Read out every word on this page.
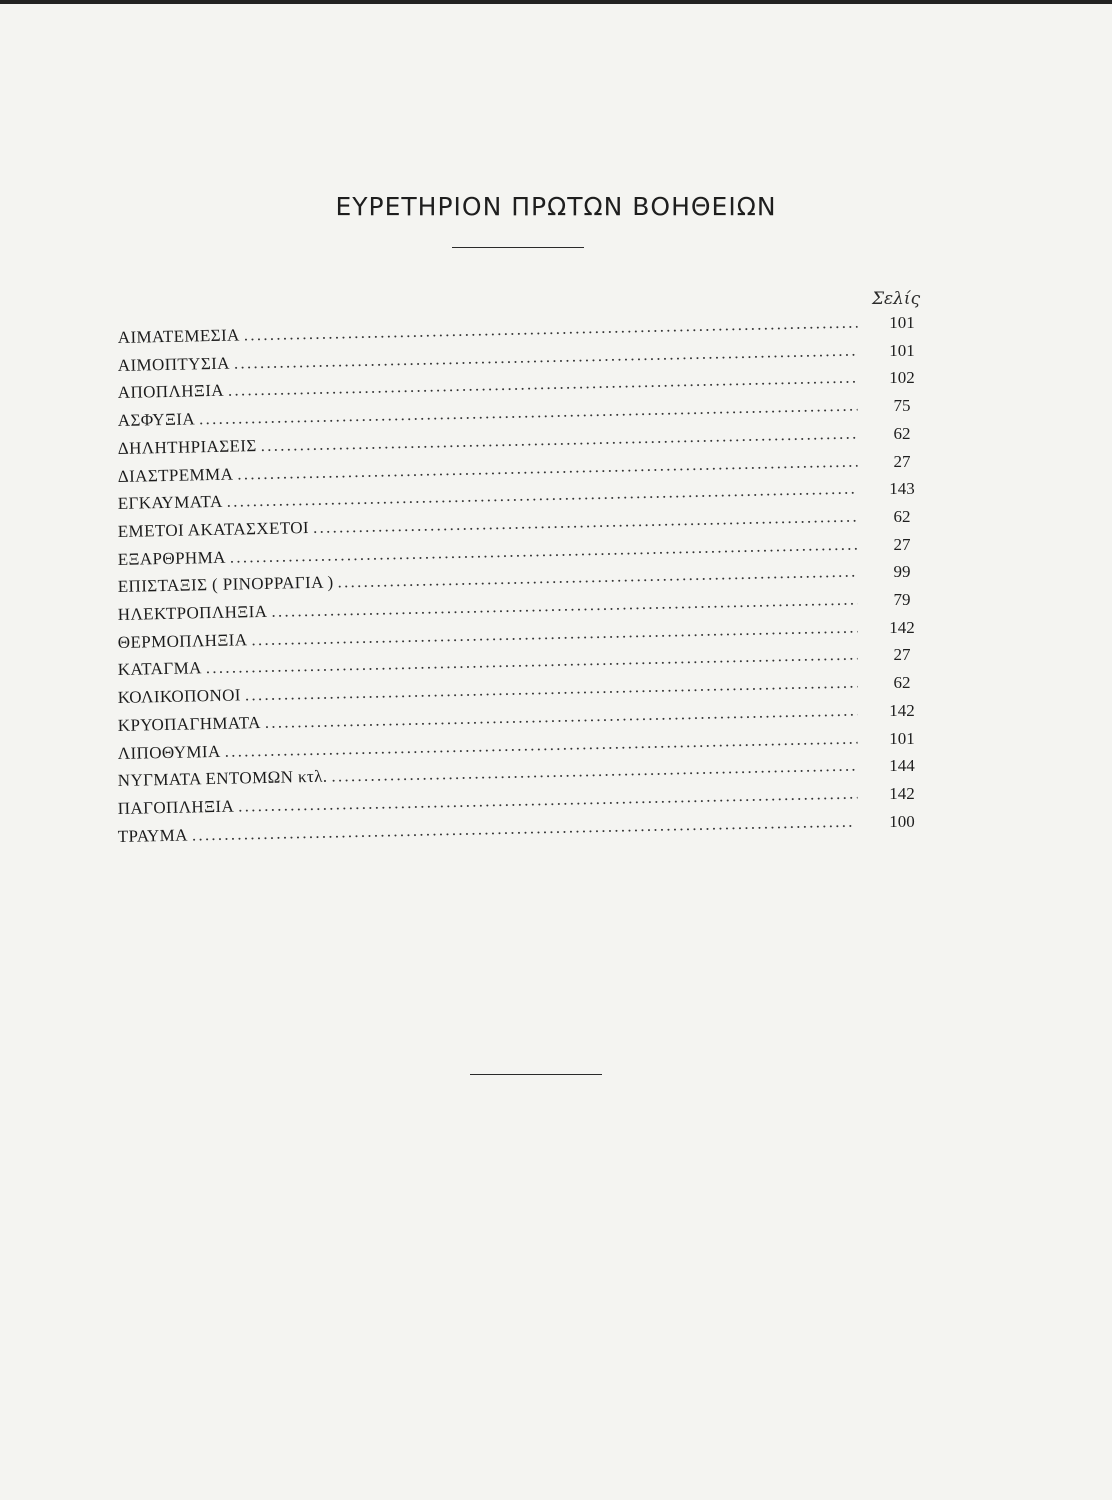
ΕΥΡΕΤΗΡΙΟΝ ΠΡΩΤΩΝ ΒΟΗΘΕΙΩΝ
Σελίς
ΑΙΜΑΤΕΜΕΣΙΑ
. . .
101
ΑΙΜΟΠΤΥΣΙΑ
. . .
101
ΑΠΟΠΛΗΞΙΑ
. . .
102
ΑΣΦΥΞΙΑ
. . .
75
ΔΗΛΗΤΗΡΙΑΣΕΙΣ
. . .
62
ΔΙΑΣΤΡΕΜΜΑ
. . .
27
ΕΓΚΑΥΜΑΤΑ
. . .
143
ΕΜΕΤΟΙ ΑΚΑΤΑΣΧΕΤΟΙ
. . .
62
ΕΞΑΡΘΡΗΜΑ
. . .
27
ΕΠΙΣΤΑΞΙΣ ( ΡΙΝΟΡΡΑΓΙΑ )
. . .
99
ΗΛΕΚΤΡΟΠΛΗΞΙΑ
. . .
79
ΘΕΡΜΟΠΛΗΞΙΑ
. . .
142
ΚΑΤΑΓΜΑ
. . .
27
ΚΟΛΙΚΟΠΟΝΟΙ
. . .
62
ΚΡΥΟΠΑΓΗΜΑΤΑ
. . .
142
ΛΙΠΟΘΥΜΙΑ
. . .
101
ΝΥΓΜΑΤΑ ΕΝΤΟΜΩΝ κτλ.
. . .
144
ΠΑΓΟΠΛΗΞΙΑ
. . .
142
ΤΡΑΥΜΑ
. . .
100
